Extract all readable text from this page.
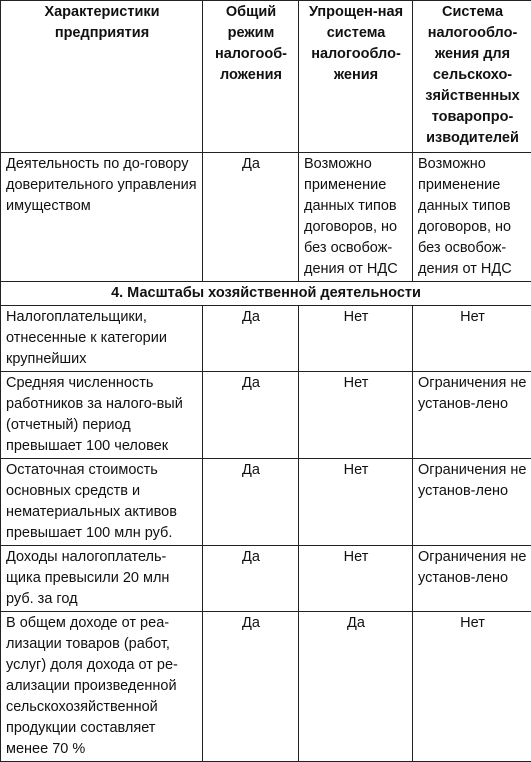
Характеристики предприятия	Общий режим налогооб-ложения	Упрощен-ная система налогообло-жения	Система налогообло-жения для сельскохо-зяйственных товаропро-изводителей
Деятельность по до-говору доверительного управления имуществом	Да	Возможно применение данных типов договоров, но без освобож-дения от НДС	Возможно применение данных типов договоров, но без освобож-дения от НДС
4. Масштабы хозяйственной деятельности			
Налогоплательщики, отнесенные к категории крупнейших	Да	Нет	Нет
Средняя численность работников за налого-вый (отчетный) период превышает 100 человек	Да	Нет	Ограничения не установ-лено
Остаточная стоимость основных средств и нематериальных активов превышает 100 млн руб.	Да	Нет	Ограничения не установ-лено
Доходы налогоплатель-щика превысили 20 млн руб. за год	Да	Нет	Ограничения не установ-лено
В общем доходе от реа-лизации товаров (работ, услуг) доля дохода от ре-ализации произведенной сельскохозяйственной продукции составляет менее 70 %	Да	Да	Нет
